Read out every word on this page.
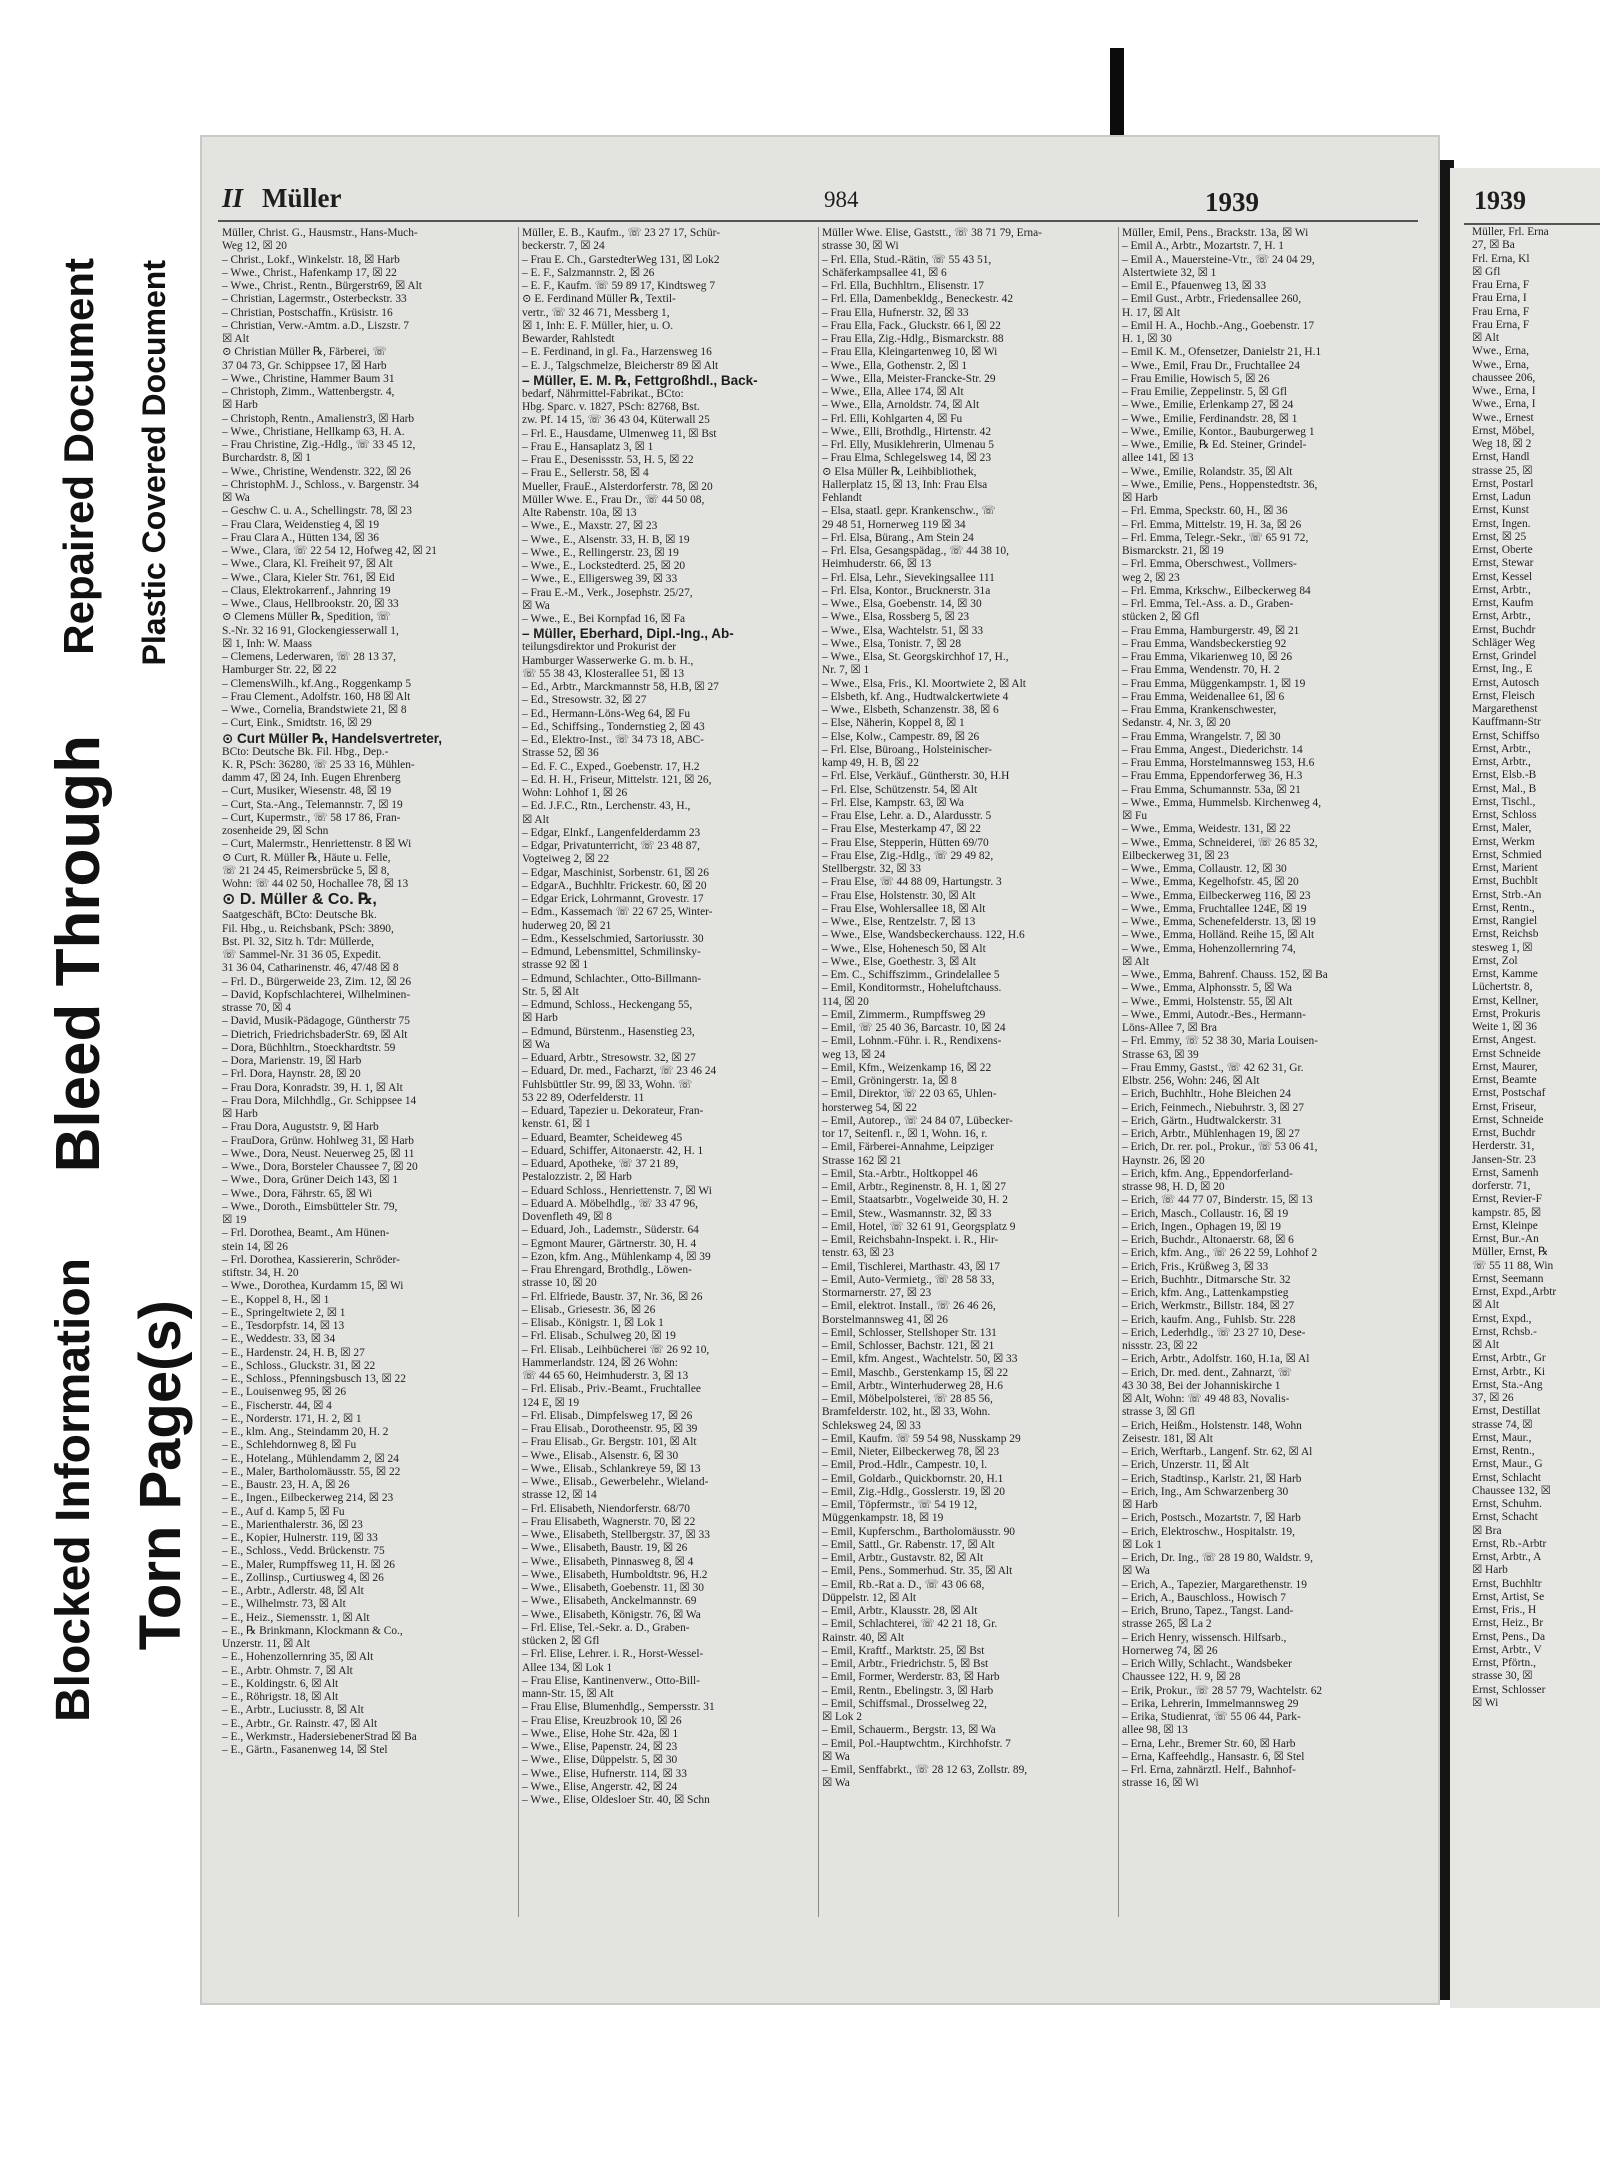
Bleed Through
Repaired Document Plastic Covered Document
Blocked Information Torn Page(s)
II Müller	984	1939
Müller, Christ. G., Hausmstr., Hans-Much-
Weg 12, ☒ 20
– Christ., Lokf., Winkelstr. 18, ☒ Harb
– Wwe., Christ., Hafenkamp 17, ☒ 22
– Wwe., Christ., Rentn., Bürgerstr69, ☒ Alt
– Christian, Lagermstr., Osterbeckstr. 33
– Christian, Postschaffn., Krüsistr. 16
– Christian, Verw.-Amtm. a.D., Liszstr. 7
☒ Alt
⊙ Christian Müller ℞, Färberei, ☏
37 04 73, Gr. Schippsee 17, ☒ Harb
– Wwe., Christine, Hammer Baum 31
– Christoph, Zimm., Wattenbergstr. 4,
☒ Harb
– Christoph, Rentn., Amalienstr3, ☒ Harb
– Wwe., Christiane, Hellkamp 63, H. A.
– Frau Christine, Zig.-Hdlg., ☏ 33 45 12,
Burchardstr. 8, ☒ 1
– Wwe., Christine, Wendenstr. 322, ☒ 26
– ChristophM. J., Schloss., v. Bargenstr. 34
☒ Wa
– Geschw C. u. A., Schellingstr. 78, ☒ 23
– Frau Clara, Weidenstieg 4, ☒ 19
– Frau Clara A., Hütten 134, ☒ 36
– Wwe., Clara, ☏ 22 54 12, Hofweg 42, ☒ 21
– Wwe., Clara, Kl. Freiheit 97, ☒ Alt
– Wwe., Clara, Kieler Str. 761, ☒ Eid
– Claus, Elektrokarrenf., Jahnring 19
– Wwe., Claus, Hellbrookstr. 20, ☒ 33
⊙ Clemens Müller ℞, Spedition, ☏
S.-Nr. 32 16 91, Glockengiesserwall 1,
☒ 1, Inh: W. Maass
– Clemens, Lederwaren, ☏ 28 13 37,
Hamburger Str. 22, ☒ 22
– ClemensWilh., kf.Ang., Roggenkamp 5
– Frau Clement., Adolfstr. 160, H8 ☒ Alt
– Wwe., Cornelia, Brandstwiete 21, ☒ 8
– Curt, Eink., Smidtstr. 16, ☒ 29
⊙ Curt Müller ℞, Handelsvertreter,
BCto: Deutsche Bk. Fil. Hbg., Dep.-
K. R, PSch: 36280, ☏ 25 33 16, Mühlen-
damm 47, ☒ 24, Inh. Eugen Ehrenberg
– Curt, Musiker, Wiesenstr. 48, ☒ 19
– Curt, Sta.-Ang., Telemannstr. 7, ☒ 19
– Curt, Kupermstr., ☏ 58 17 86, Fran-
zosenheide 29, ☒ Schn
– Curt, Malermstr., Henriettenstr. 8 ☒ Wi
⊙ Curt, R. Müller ℞, Häute u. Felle,
☏ 21 24 45, Reimersbrücke 5, ☒ 8,
Wohn: ☏ 44 02 50, Hochallee 78, ☒ 13
⊙ D. Müller & Co. ℞,
Saatgeschäft, BCto: Deutsche Bk.
Fil. Hbg., u. Reichsbank, PSch: 3890,
Bst. Pl. 32, Sitz h. Tdr: Müllerde,
☏ Sammel-Nr. 31 36 05, Expedit.
31 36 04, Catharinenstr. 46, 47/48 ☒ 8
– Frl. D., Bürgerweide 23, Zim. 12, ☒ 26
– David, Kopfschlachterei, Wilhelminen-
strasse 70, ☒ 4
– David, Musik-Pädagoge, Güntherstr 75
– Dietrich, FriedrichsbaderStr. 69, ☒ Alt
– Dora, Büchhltrn., Stoeckhardtstr. 59
– Dora, Marienstr. 19, ☒ Harb
– Frl. Dora, Haynstr. 28, ☒ 20
– Frau Dora, Konradstr. 39, H. 1, ☒ Alt
– Frau Dora, Milchhdlg., Gr. Schippsee 14
☒ Harb
– Frau Dora, Auguststr. 9, ☒ Harb
– FrauDora, Grünw. Hohlweg 31, ☒ Harb
– Wwe., Dora, Neust. Neuerweg 25, ☒ 11
– Wwe., Dora, Borsteler Chaussee 7, ☒ 20
– Wwe., Dora, Grüner Deich 143, ☒ 1
– Wwe., Dora, Fährstr. 65, ☒ Wi
– Wwe., Doroth., Eimsbütteler Str. 79,
☒ 19
– Frl. Dorothea, Beamt., Am Hünen-
stein 14, ☒ 26
– Frl. Dorothea, Kassiererin, Schröder-
stiftstr. 34, H. 20
– Wwe., Dorothea, Kurdamm 15, ☒ Wi
– E., Koppel 8, H., ☒ 1
– E., Springeltwiete 2, ☒ 1
– E., Tesdorpfstr. 14, ☒ 13
– E., Weddestr. 33, ☒ 34
– E., Hardenstr. 24, H. B, ☒ 27
– E., Schloss., Gluckstr. 31, ☒ 22
– E., Schloss., Pfenningsbusch 13, ☒ 22
– E., Louisenweg 95, ☒ 26
– E., Fischerstr. 44, ☒ 4
– E., Norderstr. 171, H. 2, ☒ 1
– E., klm. Ang., Steindamm 20, H. 2
– E., Schlehdornweg 8, ☒ Fu
– E., Hotelang., Mühlendamm 2, ☒ 24
– E., Maler, Bartholomäusstr. 55, ☒ 22
– E., Baustr. 23, H. A, ☒ 26
– E., Ingen., Eilbeckerweg 214, ☒ 23
– E., Auf d. Kamp 5, ☒ Fu
– E., Marienthalerstr. 36, ☒ 23
– E., Kopier, Hulnerstr. 119, ☒ 33
– E., Schloss., Vedd. Brückenstr. 75
– E., Maler, Rumpffsweg 11, H. ☒ 26
– E., Zollinsp., Curtiusweg 4, ☒ 26
– E., Arbtr., Adlerstr. 48, ☒ Alt
– E., Wilhelmstr. 73, ☒ Alt
– E., Heiz., Siemensstr. 1, ☒ Alt
– E., ℞ Brinkmann, Klockmann & Co.,
Unzerstr. 11, ☒ Alt
– E., Hohenzollernring 35, ☒ Alt
– E., Arbtr. Ohmstr. 7, ☒ Alt
– E., Koldingstr. 6, ☒ Alt
– E., Röhrigstr. 18, ☒ Alt
– E., Arbtr., Luciusstr. 8, ☒ Alt
– E., Arbtr., Gr. Rainstr. 47, ☒ Alt
– E., Werkmstr., HadersiebenerStrad ☒ Ba
– E., Gärtn., Fasanenweg 14, ☒ Stel
Müller, E. B., Kaufm., ☏ 23 27 17, Schür-
beckerstr. 7, ☒ 24
– Frau E. Ch., GarstedterWeg 131, ☒ Lok2
– E. F., Salzmannstr. 2, ☒ 26
– E. F., Kaufm. ☏ 59 89 17, Kindtsweg 7
⊙ E. Ferdinand Müller ℞, Textil-
vertr., ☏ 32 46 71, Messberg 1,
☒ 1, Inh: E. F. Müller, hier, u. O.
Bewarder, Rahlstedt
– E. Ferdinand, in gl. Fa., Harzensweg 16
– E. J., Talgschmelze, Bleicherstr 89 ☒ Alt
– Müller, E. M. ℞, Fettgroßhdl., Back-
bedarf, Nährmittel-Fabrikat., BCto:
Hbg. Sparc. v. 1827, PSch: 82768, Bst.
zw. Pf. 14 15, ☏ 36 43 04, Küterwall 25
– Frl. E., Hausdame, Ulmenweg 11, ☒ Bst
– Frau E., Hansaplatz 3, ☒ 1
– Frau E., Desenissstr. 53, H. 5, ☒ 22
– Frau E., Sellerstr. 58, ☒ 4
Mueller, FrauE., Alsterdorferstr. 78, ☒ 20
Müller Wwe. E., Frau Dr., ☏ 44 50 08,
Alte Rabenstr. 10a, ☒ 13
– Wwe., E., Maxstr. 27, ☒ 23
– Wwe., E., Alsenstr. 33, H. B, ☒ 19
– Wwe., E., Rellingerstr. 23, ☒ 19
– Wwe., E., Lockstedterd. 25, ☒ 20
– Wwe., E., Elligersweg 39, ☒ 33
– Frau E.-M., Verk., Josephstr. 25/27,
☒ Wa
– Wwe., E., Bei Kornpfad 16, ☒ Fa
– Müller, Eberhard, Dipl.-Ing., Ab-
teilungsdirektor und Prokurist der
Hamburger Wasserwerke G. m. b. H.,
☏ 55 38 43, Klosterallee 51, ☒ 13
– Ed., Arbtr., Marckmannstr 58, H.B, ☒ 27
– Ed., Stresowstr. 32, ☒ 27
– Ed., Hermann-Löns-Weg 64, ☒ Fu
– Ed., Schiffsing., Tondernstieg 2, ☒ 43
– Ed., Elektro-Inst., ☏ 34 73 18, ABC-
Strasse 52, ☒ 36
– Ed. F. C., Exped., Goebenstr. 17, H.2
– Ed. H. H., Friseur, Mittelstr. 121, ☒ 26,
Wohn: Lohhof 1, ☒ 26
– Ed. J.F.C., Rtn., Lerchenstr. 43, H.,
☒ Alt
– Edgar, Elnkf., Langenfelderdamm 23
– Edgar, Privatunterricht, ☏ 23 48 87,
Vogteiweg 2, ☒ 22
– Edgar, Maschinist, Sorbenstr. 61, ☒ 26
– EdgarA., Buchhltr. Frickestr. 60, ☒ 20
– Edgar Erick, Lohrmannt, Grovestr. 17
– Edm., Kassemach ☏ 22 67 25, Winter-
huderweg 20, ☒ 21
– Edm., Kesselschmied, Sartoriusstr. 30
– Edmund, Lebensmittel, Schmilinsky-
strasse 92 ☒ 1
– Edmund, Schlachter., Otto-Billmann-
Str. 5, ☒ Alt
– Edmund, Schloss., Heckengang 55,
☒ Harb
– Edmund, Bürstenm., Hasenstieg 23,
☒ Wa
– Eduard, Arbtr., Stresowstr. 32, ☒ 27
– Eduard, Dr. med., Facharzt, ☏ 23 46 24
Fuhlsbüttler Str. 99, ☒ 33, Wohn. ☏
53 22 89, Oderfelderstr. 11
– Eduard, Tapezier u. Dekorateur, Fran-
kenstr. 61, ☒ 1
– Eduard, Beamter, Scheideweg 45
– Eduard, Schiffer, Aitonaerstr. 42, H. 1
– Eduard, Apotheke, ☏ 37 21 89,
Pestalozzistr. 2, ☒ Harb
– Eduard Schloss., Henriettenstr. 7, ☒ Wi
– Eduard A. Möbelhdlg., ☏ 33 47 96,
Dovenfleth 49, ☒ 8
– Eduard, Joh., Lademstr., Süderstr. 64
– Egmont Maurer, Gärtnerstr. 30, H. 4
– Ezon, kfm. Ang., Mühlenkamp 4, ☒ 39
– Frau Ehrengard, Brothdlg., Löwen-
strasse 10, ☒ 20
– Frl. Elfriede, Baustr. 37, Nr. 36, ☒ 26
– Elisab., Griesestr. 36, ☒ 26
– Elisab., Königstr. 1, ☒ Lok 1
– Frl. Elisab., Schulweg 20, ☒ 19
– Frl. Elisab., Leihbücherei ☏ 26 92 10,
Hammerlandstr. 124, ☒ 26 Wohn:
☏ 44 65 60, Heimhuderstr. 3, ☒ 13
– Frl. Elisab., Priv.-Beamt., Fruchtallee
124 E, ☒ 19
– Frl. Elisab., Dimpfelsweg 17, ☒ 26
– Frau Elisab., Dorotheenstr. 95, ☒ 39
– Frau Elisab., Gr. Bergstr. 101, ☒ Alt
– Wwe., Elisab., Alsenstr. 6, ☒ 30
– Wwe., Elisab., Schlankreye 59, ☒ 13
– Wwe., Elisab., Gewerbelehr., Wieland-
strasse 12, ☒ 14
– Frl. Elisabeth, Niendorferstr. 68/70
– Frau Elisabeth, Wagnerstr. 70, ☒ 22
– Wwe., Elisabeth, Stellbergstr. 37, ☒ 33
– Wwe., Elisabeth, Baustr. 19, ☒ 26
– Wwe., Elisabeth, Pinnasweg 8, ☒ 4
– Wwe., Elisabeth, Humboldtstr. 96, H.2
– Wwe., Elisabeth, Goebenstr. 11, ☒ 30
– Wwe., Elisabeth, Anckelmannstr. 69
– Wwe., Elisabeth, Königstr. 76, ☒ Wa
– Frl. Elise, Tel.-Sekr. a. D., Graben-
stücken 2, ☒ Gfl
– Frl. Elise, Lehrer. i. R., Horst-Wessel-
Allee 134, ☒ Lok 1
– Frau Elise, Kantinenverw., Otto-Bill-
mann-Str. 15, ☒ Alt
– Frau Elise, Blumenhdlg., Sempersstr. 31
– Frau Elise, Kreuzbrook 10, ☒ 26
– Wwe., Elise, Hohe Str. 42a, ☒ 1
– Wwe., Elise, Papenstr. 24, ☒ 23
– Wwe., Elise, Düppelstr. 5, ☒ 30
– Wwe., Elise, Hufnerstr. 114, ☒ 33
– Wwe., Elise, Angerstr. 42, ☒ 24
– Wwe., Elise, Oldesloer Str. 40, ☒ Schn
Müller Wwe. Elise, Gaststt., ☏ 38 71 79, Erna-
strasse 30, ☒ Wi
– Frl. Ella, Stud.-Rätin, ☏ 55 43 51,
Schäferkampsallee 41, ☒ 6
– Frl. Ella, Buchhltrn., Elisenstr. 17
– Frl. Ella, Damenbekldg., Beneckestr. 42
– Frau Ella, Hufnerstr. 32, ☒ 33
– Frau Ella, Fack., Gluckstr. 66 l, ☒ 22
– Frau Ella, Zig.-Hdlg., Bismarckstr. 88
– Frau Ella, Kleingartenweg 10, ☒ Wi
– Wwe., Ella, Gothenstr. 2, ☒ 1
– Wwe., Ella, Meister-Francke-Str. 29
– Wwe., Ella, Allee 174, ☒ Alt
– Wwe., Ella, Arnoldstr. 74, ☒ Alt
– Frl. Elli, Kohlgarten 4, ☒ Fu
– Wwe., Elli, Brothdlg., Hirtenstr. 42
– Frl. Elly, Musiklehrerin, Ulmenau 5
– Frau Elma, Schlegelsweg 14, ☒ 23
⊙ Elsa Müller ℞, Leihbibliothek,
Hallerplatz 15, ☒ 13, Inh: Frau Elsa
Fehlandt
– Elsa, staatl. gepr. Krankenschw., ☏
29 48 51, Hornerweg 119 ☒ 34
– Frl. Elsa, Bürang., Am Stein 24
– Frl. Elsa, Gesangspädag., ☏ 44 38 10,
Heimhuderstr. 66, ☒ 13
– Frl. Elsa, Lehr., Sievekingsallee 111
– Frl. Elsa, Kontor., Brucknerstr. 31a
– Wwe., Elsa, Goebenstr. 14, ☒ 30
– Wwe., Elsa, Rossberg 5, ☒ 23
– Wwe., Elsa, Wachtelstr. 51, ☒ 33
– Wwe., Elsa, Tonistr. 7, ☒ 28
– Wwe., Elsa, St. Georgskirchhof 17, H.,
Nr. 7, ☒ 1
– Wwe., Elsa, Fris., Kl. Moortwiete 2, ☒ Alt
– Elsbeth, kf. Ang., Hudtwalckertwiete 4
– Wwe., Elsbeth, Schanzenstr. 38, ☒ 6
– Else, Näherin, Koppel 8, ☒ 1
– Else, Kolw., Campestr. 89, ☒ 26
– Frl. Else, Büroang., Holsteinischer-
kamp 49, H. B, ☒ 22
– Frl. Else, Verkäuf., Güntherstr. 30, H.H
– Frl. Else, Schützenstr. 54, ☒ Alt
– Frl. Else, Kampstr. 63, ☒ Wa
– Frau Else, Lehr. a. D., Alardusstr. 5
– Frau Else, Mesterkamp 47, ☒ 22
– Frau Else, Stepperin, Hütten 69/70
– Frau Else, Zig.-Hdlg., ☏ 29 49 82,
Stellbergstr. 32, ☒ 33
– Frau Else, ☏ 44 88 09, Hartungstr. 3
– Frau Else, Holstenstr. 30, ☒ Alt
– Frau Else, Wohlersallee 18, ☒ Alt
– Wwe., Else, Rentzelstr. 7, ☒ 13
– Wwe., Else, Wandsbeckerchauss. 122, H.6
– Wwe., Else, Hohenesch 50, ☒ Alt
– Wwe., Else, Goethestr. 3, ☒ Alt
– Em. C., Schiffszimm., Grindelallee 5
– Emil, Konditormstr., Hoheluftchauss.
114, ☒ 20
– Emil, Zimmerm., Rumpffsweg 29
– Emil, ☏ 25 40 36, Barcastr. 10, ☒ 24
– Emil, Lohnm.-Führ. i. R., Rendixens-
weg 13, ☒ 24
– Emil, Kfm., Weizenkamp 16, ☒ 22
– Emil, Gröningerstr. 1a, ☒ 8
– Emil, Direktor, ☏ 22 03 65, Uhlen-
horsterweg 54, ☒ 22
– Emil, Autorep., ☏ 24 84 07, Lübecker-
tor 17, Seitenfl. r., ☒ 1, Wohn. 16, r.
– Emil, Färberei-Annahme, Leipziger
Strasse 162 ☒ 21
– Emil, Sta.-Arbtr., Holtkoppel 46
– Emil, Arbtr., Reginenstr. 8, H. 1, ☒ 27
– Emil, Staatsarbtr., Vogelweide 30, H. 2
– Emil, Stew., Wasmannstr. 32, ☒ 33
– Emil, Hotel, ☏ 32 61 91, Georgsplatz 9
– Emil, Reichsbahn-Inspekt. i. R., Hir-
tenstr. 63, ☒ 23
– Emil, Tischlerei, Marthastr. 43, ☒ 17
– Emil, Auto-Vermietg., ☏ 28 58 33,
Stormarnerstr. 27, ☒ 23
– Emil, elektrot. Install., ☏ 26 46 26,
Borstelmannsweg 41, ☒ 26
– Emil, Schlosser, Stellshoper Str. 131
– Emil, Schlosser, Bachstr. 121, ☒ 21
– Emil, kfm. Angest., Wachtelstr. 50, ☒ 33
– Emil, Maschb., Gerstenkamp 15, ☒ 22
– Emil, Arbtr., Winterhuderweg 28, H.6
– Emil, Möbelpolsterei, ☏ 28 85 56,
Bramfelderstr. 102, ht., ☒ 33, Wohn.
Schleksweg 24, ☒ 33
– Emil, Kaufm. ☏ 59 54 98, Nusskamp 29
– Emil, Nieter, Eilbeckerweg 78, ☒ 23
– Emil, Prod.-Hdlr., Campestr. 10, l.
– Emil, Goldarb., Quickbornstr. 20, H.1
– Emil, Zig.-Hdlg., Gosslerstr. 19, ☒ 20
– Emil, Töpfermstr., ☏ 54 19 12,
Müggenkampstr. 18, ☒ 19
– Emil, Kupferschm., Bartholomäusstr. 90
– Emil, Sattl., Gr. Rabenstr. 17, ☒ Alt
– Emil, Arbtr., Gustavstr. 82, ☒ Alt
– Emil, Pens., Sommerhud. Str. 35, ☒ Alt
– Emil, Rb.-Rat a. D., ☏ 43 06 68,
Düppelstr. 12, ☒ Alt
– Emil, Arbtr., Klausstr. 28, ☒ Alt
– Emil, Schlachterei, ☏ 42 21 18, Gr.
Rainstr. 40, ☒ Alt
– Emil, Kraftf., Marktstr. 25, ☒ Bst
– Emil, Arbtr., Friedrichstr. 5, ☒ Bst
– Emil, Former, Werderstr. 83, ☒ Harb
– Emil, Rentn., Ebelingstr. 3, ☒ Harb
– Emil, Schiffsmal., Drosselweg 22,
☒ Lok 2
– Emil, Schauerm., Bergstr. 13, ☒ Wa
– Emil, Pol.-Hauptwchtm., Kirchhofstr. 7
☒ Wa
– Emil, Senffabrkt., ☏ 28 12 63, Zollstr. 89,
☒ Wa
Müller, Emil, Pens., Brackstr. 13a, ☒ Wi
– Emil A., Arbtr., Mozartstr. 7, H. 1
– Emil A., Mauersteine-Vtr., ☏ 24 04 29,
Alstertwiete 32, ☒ 1
– Emil E., Pfauenweg 13, ☒ 33
– Emil Gust., Arbtr., Friedensallee 260,
H. 17, ☒ Alt
– Emil H. A., Hochb.-Ang., Goebenstr. 17
H. 1, ☒ 30
– Emil K. M., Ofensetzer, Danielstr 21, H.1
– Wwe., Emil, Frau Dr., Fruchtallee 24
– Frau Emilie, Howisch 5, ☒ 26
– Frau Emilie, Zeppelinstr. 5, ☒ Gfl
– Wwe., Emilie, Erlenkamp 27, ☒ 24
– Wwe., Emilie, Ferdinandstr. 28, ☒ 1
– Wwe., Emilie, Kontor., Bauburgerweg 1
– Wwe., Emilie, ℞ Ed. Steiner, Grindel-
allee 141, ☒ 13
– Wwe., Emilie, Rolandstr. 35, ☒ Alt
– Wwe., Emilie, Pens., Hoppenstedtstr. 36,
☒ Harb
– Frl. Emma, Speckstr. 60, H., ☒ 36
– Frl. Emma, Mittelstr. 19, H. 3a, ☒ 26
– Frl. Emma, Telegr.-Sekr., ☏ 65 91 72,
Bismarckstr. 21, ☒ 19
– Frl. Emma, Oberschwest., Vollmers-
weg 2, ☒ 23
– Frl. Emma, Krkschw., Eilbeckerweg 84
– Frl. Emma, Tel.-Ass. a. D., Graben-
stücken 2, ☒ Gfl
– Frau Emma, Hamburgerstr. 49, ☒ 21
– Frau Emma, Wandsbeckerstieg 92
– Frau Emma, Vikarienweg 10, ☒ 26
– Frau Emma, Wendenstr. 70, H. 2
– Frau Emma, Müggenkampstr. 1, ☒ 19
– Frau Emma, Weidenallee 61, ☒ 6
– Frau Emma, Krankenschwester,
Sedanstr. 4, Nr. 3, ☒ 20
– Frau Emma, Wrangelstr. 7, ☒ 30
– Frau Emma, Angest., Diederichstr. 14
– Frau Emma, Horstelmannsweg 153, H.6
– Frau Emma, Eppendorferweg 36, H.3
– Frau Emma, Schumannstr. 53a, ☒ 21
– Wwe., Emma, Hummelsb. Kirchenweg 4,
☒ Fu
– Wwe., Emma, Weidestr. 131, ☒ 22
– Wwe., Emma, Schneiderei, ☏ 26 85 32,
Eilbeckerweg 31, ☒ 23
– Wwe., Emma, Collaustr. 12, ☒ 30
– Wwe., Emma, Kegelhofstr. 45, ☒ 20
– Wwe., Emma, Eilbeckerweg 116, ☒ 23
– Wwe., Emma, Fruchtallee 124E, ☒ 19
– Wwe., Emma, Schenefelderstr. 13, ☒ 19
– Wwe., Emma, Holländ. Reihe 15, ☒ Alt
– Wwe., Emma, Hohenzollernring 74,
☒ Alt
– Wwe., Emma, Bahrenf. Chauss. 152, ☒ Ba
– Wwe., Emma, Alphonsstr. 5, ☒ Wa
– Wwe., Emmi, Holstenstr. 55, ☒ Alt
– Wwe., Emmi, Autodr.-Bes., Hermann-
Löns-Allee 7, ☒ Bra
– Frl. Emmy, ☏ 52 38 30, Maria Louisen-
Strasse 63, ☒ 39
– Frau Emmy, Gastst., ☏ 42 62 31, Gr.
Elbstr. 256, Wohn: 246, ☒ Alt
– Erich, Buchhltr., Hohe Bleichen 24
– Erich, Feinmech., Niebuhrstr. 3, ☒ 27
– Erich, Gärtn., Hudtwalckerstr. 31
– Erich, Arbtr., Mühlenhagen 19, ☒ 27
– Erich, Dr. rer. pol., Prokur., ☏ 53 06 41,
Haynstr. 26, ☒ 20
– Erich, kfm. Ang., Eppendorferland-
strasse 98, H. D, ☒ 20
– Erich, ☏ 44 77 07, Binderstr. 15, ☒ 13
– Erich, Masch., Collaustr. 16, ☒ 19
– Erich, Ingen., Ophagen 19, ☒ 19
– Erich, Buchdr., Altonaerstr. 68, ☒ 6
– Erich, kfm. Ang., ☏ 26 22 59, Lohhof 2
– Erich, Fris., Krüßweg 3, ☒ 33
– Erich, Buchhtr., Ditmarsche Str. 32
– Erich, kfm. Ang., Lattenkampstieg
– Erich, Werkmstr., Billstr. 184, ☒ 27
– Erich, kaufm. Ang., Fuhlsb. Str. 228
– Erich, Lederhdlg., ☏ 23 27 10, Dese-
nissstr. 23, ☒ 22
– Erich, Arbtr., Adolfstr. 160, H.1a, ☒ Al
– Erich, Dr. med. dent., Zahnarzt, ☏
43 30 38, Bei der Johanniskirche 1
☒ Alt, Wohn: ☏ 49 48 83, Novalis-
strasse 3, ☒ Gfl
– Erich, Heißm., Holstenstr. 148, Wohn
Zeisestr. 181, ☒ Alt
– Erich, Werftarb., Langenf. Str. 62, ☒ Al
– Erich, Unzerstr. 11, ☒ Alt
– Erich, Stadtinsp., Karlstr. 21, ☒ Harb
– Erich, Ing., Am Schwarzenberg 30
☒ Harb
– Erich, Postsch., Mozartstr. 7, ☒ Harb
– Erich, Elektroschw., Hospitalstr. 19,
☒ Lok 1
– Erich, Dr. Ing., ☏ 28 19 80, Waldstr. 9,
☒ Wa
– Erich, A., Tapezier, Margarethenstr. 19
– Erich, A., Bauschloss., Howisch 7
– Erich, Bruno, Tapez., Tangst. Land-
strasse 265, ☒ La 2
– Erich Henry, wissensch. Hilfsarb.,
Hornerweg 74, ☒ 26
– Erich Willy, Schlacht., Wandsbeker
Chaussee 122, H. 9, ☒ 28
– Erik, Prokur., ☏ 28 57 79, Wachtelstr. 62
– Erika, Lehrerin, Immelmannsweg 29
– Erika, Studienrat, ☏ 55 06 44, Park-
allee 98, ☒ 13
– Erna, Lehr., Bremer Str. 60, ☒ Harb
– Erna, Kaffeehdlg., Hansastr. 6, ☒ Stel
– Frl. Erna, zahnärztl. Helf., Bahnhof-
strasse 16, ☒ Wi
1939
Müller, Frl. Erna
27, ☒ Ba
Frl. Erna, Kl
☒ Gfl
Frau Erna, F
Frau Erna, I
Frau Erna, F
Frau Erna, F
☒ Alt
Wwe., Erna,
Wwe., Erna,
chaussee 206,
Wwe., Erna, I
Wwe., Erna, I
Wwe., Ernest
Ernst, Möbel,
Weg 18, ☒ 2
Ernst, Handl
strasse 25, ☒
Ernst, Postarl
Ernst, Ladun
Ernst, Kunst
Ernst, Ingen.
Ernst, ☒ 25
Ernst, Oberte
Ernst, Stewar
Ernst, Kessel
Ernst, Arbtr.,
Ernst, Kaufm
Ernst, Arbtr.,
Ernst, Buchdr
Schläger Weg
Ernst, Grindel
Ernst, Ing., E
Ernst, Autosch
Ernst, Fleisch
Margarethenst
Kauffmann-Str
Ernst, Schiffso
Ernst, Arbtr.,
Ernst, Arbtr.,
Ernst, Elsb.-B
Ernst, Mal., B
Ernst, Tischl.,
Ernst, Schloss
Ernst, Maler,
Ernst, Werkm
Ernst, Schmied
Ernst, Marient
Ernst, Buchblt
Ernst, Strb.-An
Ernst, Rentn.,
Ernst, Rangiel
Ernst, Reichsb
stesweg 1, ☒
Ernst, Zol
Ernst, Kamme
Lüchertstr. 8,
Ernst, Kellner,
Ernst, Prokuris
Weite 1, ☒ 36
Ernst, Angest.
Ernst Schneide
Ernst, Maurer,
Ernst, Beamte
Ernst, Postschaf
Ernst, Friseur,
Ernst, Schneide
Ernst, Buchdr
Herderstr. 31,
Jansen-Str. 23
Ernst, Samenh
dorferstr. 71,
Ernst, Revier-F
kampstr. 85, ☒
Ernst, Kleinpe
Ernst, Bur.-An
Müller, Ernst, ℞
☏ 55 11 88, Win
Ernst, Seemann
Ernst, Expd.,Arbtr
☒ Alt
Ernst, Expd.,
Ernst, Rchsb.-
☒ Alt
Ernst, Arbtr., Gr
Ernst, Arbtr., Ki
Ernst, Sta.-Ang
37, ☒ 26
Ernst, Destillat
strasse 74, ☒
Ernst, Maur.,
Ernst, Rentn.,
Ernst, Maur., G
Ernst, Schlacht
Chaussee 132, ☒
Ernst, Schuhm.
Ernst, Schacht
☒ Bra
Ernst, Rb.-Arbtr
Ernst, Arbtr., A
☒ Harb
Ernst, Buchhltr
Ernst, Artist, Se
Ernst, Fris., H
Ernst, Heiz., Br
Ernst, Pens., Da
Ernst, Arbtr., V
Ernst, Pförtn.,
strasse 30, ☒
Ernst, Schlosser
☒ Wi
